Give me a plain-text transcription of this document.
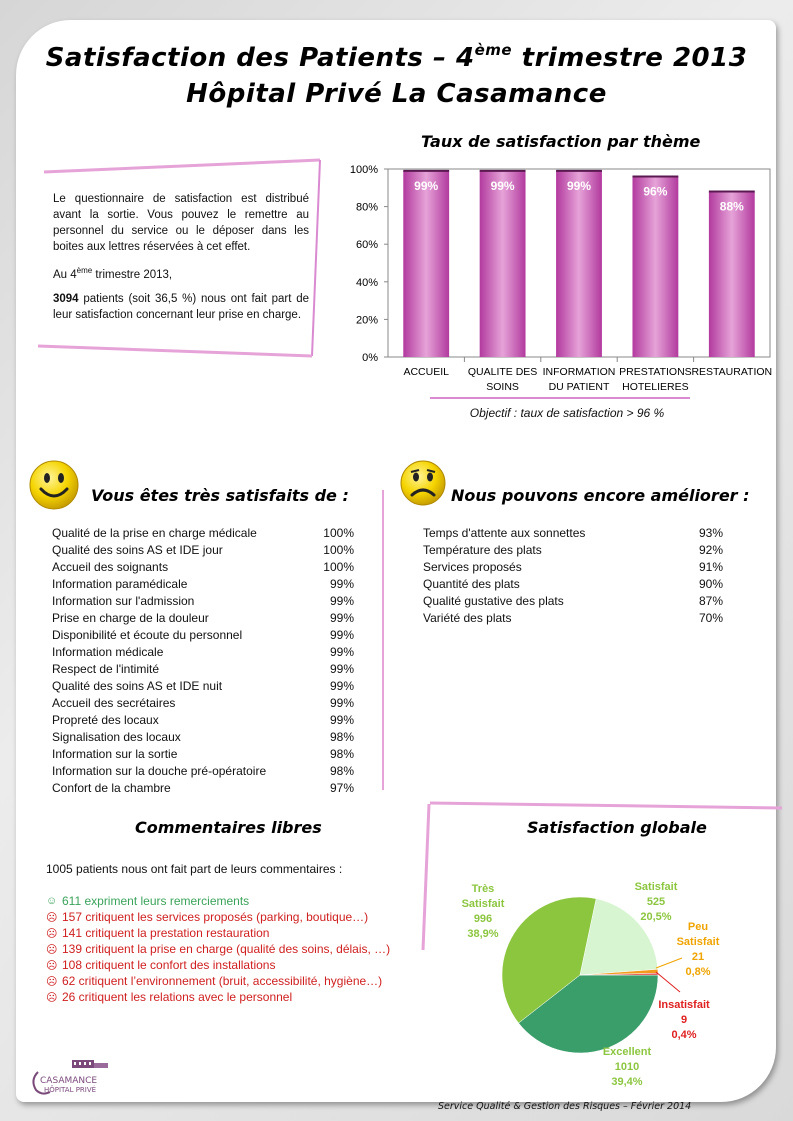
Satisfaction des Patients – 4ème trimestre 2013
Hôpital Privé La Casamance

Le questionnaire de satisfaction est distribué avant la sortie. Vous pouvez le remettre au personnel du service ou le déposer dans les boites aux lettres réservées à cet effet.

Au 4ème trimestre 2013,

3094 patients (soit 36,5 %) nous ont fait part de leur satisfaction concernant leur prise en charge.

Taux de satisfaction par thème
0%
20%
40%
60%
80%
100%
99%
ACCUEIL
99%
QUALITE DES SOINS
99%
INFORMATION DU PATIENT
96%
PRESTATIONS HOTELIERES
88%
RESTAURATION
Objectif : taux de satisfaction > 96 %
Vous êtes très satisfaits de :
Qualité de la prise en charge médicale	100%
Qualité des soins AS et IDE jour	100%
Accueil des soignants	100%
Information paramédicale	99%
Information sur l'admission	99%
Prise en charge de la douleur	99%
Disponibilité et écoute du personnel	99%
Information médicale	99%
Respect de l'intimité	99%
Qualité des soins AS et IDE nuit	99%
Accueil des secrétaires	99%
Propreté des locaux	99%
Signalisation des locaux	98%
Information sur la sortie	98%
Information sur la douche pré-opératoire	98%
Confort de la chambre	97%
Nous pouvons encore améliorer :
Temps d'attente aux sonnettes	93%
Température des plats	92%
Services proposés	91%
Quantité des plats	90%
Qualité gustative des plats	87%
Variété des plats	70%
Commentaires libres
1005 patients nous ont fait part de leurs commentaires :
☺ 611 expriment leurs remerciements
☹ 157 critiquent les services proposés (parking, boutique…)
☹ 141 critiquent la prestation restauration
☹ 139 critiquent la prise en charge (qualité des soins, délais, …)
☹ 108 critiquent le confort des installations
☹ 62 critiquent l’environnement (bruit, accessibilité, hygiène…)
☹ 26 critiquent les relations avec le personnel
Satisfaction globale
Excellent 1010 39,4%
Très Satisfait 996 38,9%
Satisfait 525 20,5%
Peu Satisfait 21 0,8%
Insatisfait 9 0,4%
CASAMANCE
HÔPITAL PRIVÉ
Service Qualité & Gestion des Risques – Février 2014
